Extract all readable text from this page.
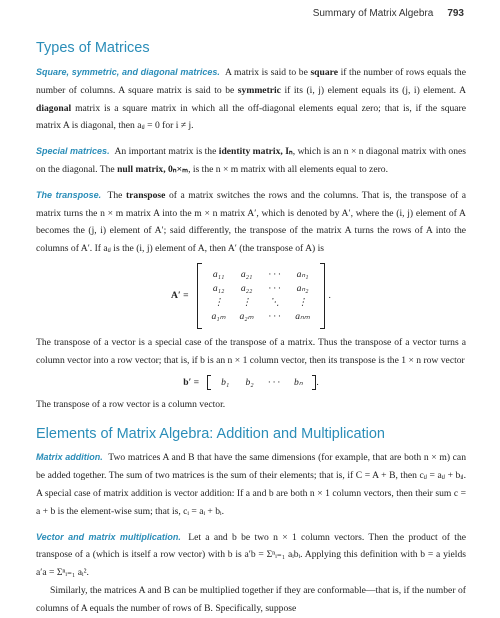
Summary of Matrix Algebra 793
Types of Matrices

Square, symmetric, and diagonal matrices. A matrix is said to be square if the number of rows equals the number of columns. A square matrix is said to be symmetric if its (i, j) element equals its (j, i) element. A diagonal matrix is a square matrix in which all the off-diagonal elements equal zero; that is, if the square matrix A is diagonal, then aᵢⱼ = 0 for i ≠ j.

Special matrices. An important matrix is the identity matrix, Iₙ, which is an n × n diagonal matrix with ones on the diagonal. The null matrix, 0ₙ×ₘ, is the n × m matrix with all elements equal to zero.

The transpose. The transpose of a matrix switches the rows and the columns. That is, the transpose of a matrix turns the n × m matrix A into the m × n matrix A′, which is denoted by A′, where the (i, j) element of A becomes the (j, i) element of A′; said differently, the transpose of the matrix A turns the rows of A into the columns of A′. If aᵢⱼ is the (i, j) element of A, then A′ (the transpose of A) is

A′ =
a₁₁ a₂₁ · · · aₙ₁
a₁₂ a₂₂ · · · aₙ₂
⋮ ⋮ ⋱ ⋮
a₁ₘ a₂ₘ · · · aₙₘ
.

The transpose of a vector is a special case of the transpose of a matrix. Thus the transpose of a vector turns a column vector into a row vector; that is, if b is an n × 1 column vector, then its transpose is the 1 × n row vector

b′ =	b₁ b₂ · · · bₙ	.

The transpose of a row vector is a column vector.

Elements of Matrix Algebra: Addition and Multiplication

Matrix addition. Two matrices A and B that have the same dimensions (for example, that are both n × m) can be added together. The sum of two matrices is the sum of their elements; that is, if C = A + B, then cᵢⱼ = aᵢⱼ + bᵢⱼ. A special case of matrix addition is vector addition: If a and b are both n × 1 column vectors, then their sum c = a + b is the element-wise sum; that is, cᵢ = aᵢ + bᵢ.

Vector and matrix multiplication. Let a and b be two n × 1 column vectors. Then the product of the transpose of a (which is itself a row vector) with b is a′b = Σⁿᵢ₌₁ aᵢbᵢ. Applying this definition with b = a yields a′a = Σⁿᵢ₌₁ aᵢ².

Similarly, the matrices A and B can be multiplied together if they are conformable—that is, if the number of columns of A equals the number of rows of B. Specifically, suppose
